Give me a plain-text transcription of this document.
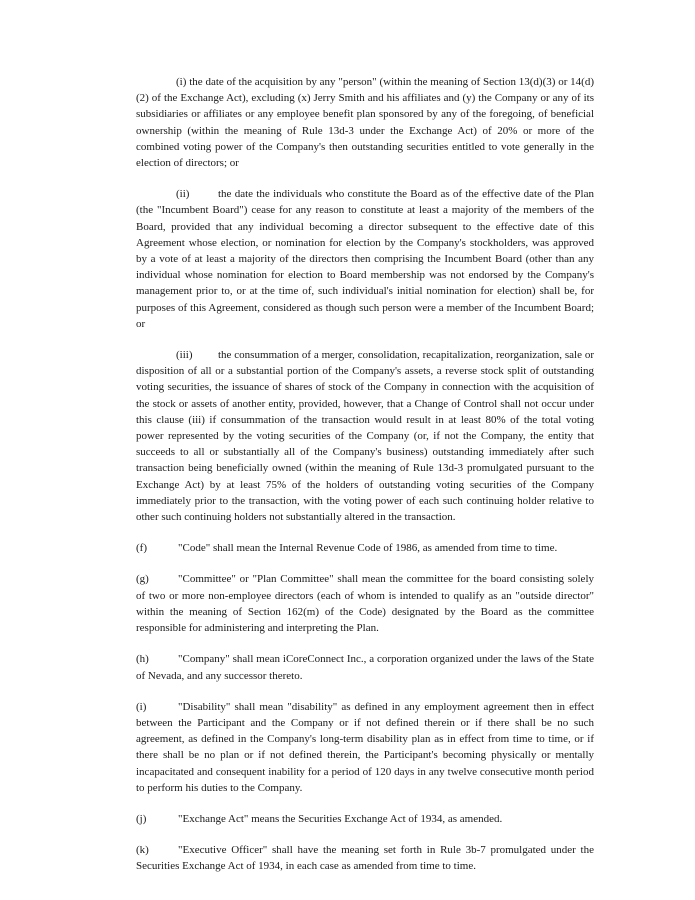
(i) the date of the acquisition by any "person" (within the meaning of Section 13(d)(3) or 14(d)(2) of the Exchange Act), excluding (x) Jerry Smith and his affiliates and (y) the Company or any of its subsidiaries or affiliates or any employee benefit plan sponsored by any of the foregoing, of beneficial ownership (within the meaning of Rule 13d-3 under the Exchange Act) of 20% or more of the combined voting power of the Company's then outstanding securities entitled to vote generally in the election of directors; or

(ii)	the date the individuals who constitute the Board as of the effective date of the Plan (the "Incumbent Board") cease for any reason to constitute at least a majority of the members of the Board, provided that any individual becoming a director subsequent to the effective date of this Agreement whose election, or nomination for election by the Company's stockholders, was approved by a vote of at least a majority of the directors then comprising the Incumbent Board (other than any individual whose nomination for election to Board membership was not endorsed by the Company's management prior to, or at the time of, such individual's initial nomination for election) shall be, for purposes of this Agreement, considered as though such person were a member of the Incumbent Board; or

(iii) the consummation of a merger, consolidation, recapitalization, reorganization, sale or disposition of all or a substantial portion of the Company's assets, a reverse stock split of outstanding voting securities, the issuance of shares of stock of the Company in connection with the acquisition of the stock or assets of another entity, provided, however, that a Change of Control shall not occur under this clause (iii) if consummation of the transaction would result in at least 80% of the total voting power represented by the voting securities of the Company (or, if not the Company, the entity that succeeds to all or substantially all of the Company's business) outstanding immediately after such transaction being beneficially owned (within the meaning of Rule 13d-3 promulgated pursuant to the Exchange Act) by at least 75% of the holders of outstanding voting securities of the Company immediately prior to the transaction, with the voting power of each such continuing holder relative to other such continuing holders not substantially altered in the transaction.

(f)	"Code" shall mean the Internal Revenue Code of 1986, as amended from time to time.

(g)	"Committee" or "Plan Committee" shall mean the committee for the board consisting solely of two or more non-employee directors (each of whom is intended to qualify as an "outside director" within the meaning of Section 162(m) of the Code) designated by the Board as the committee responsible for administering and interpreting the Plan.

(h)	"Company" shall mean iCoreConnect Inc., a corporation organized under the laws of the State of Nevada, and any successor thereto.

(i)	"Disability" shall mean "disability" as defined in any employment agreement then in effect between the Participant and the Company or if not defined therein or if there shall be no such agreement, as defined in the Company's long-term disability plan as in effect from time to time, or if there shall be no plan or if not defined therein, the Participant's becoming physically or mentally incapacitated and consequent inability for a period of 120 days in any twelve consecutive month period to perform his duties to the Company.

(j)	"Exchange Act" means the Securities Exchange Act of 1934, as amended.

(k)	"Executive Officer" shall have the meaning set forth in Rule 3b-7 promulgated under the Securities Exchange Act of 1934, in each case as amended from time to time.
